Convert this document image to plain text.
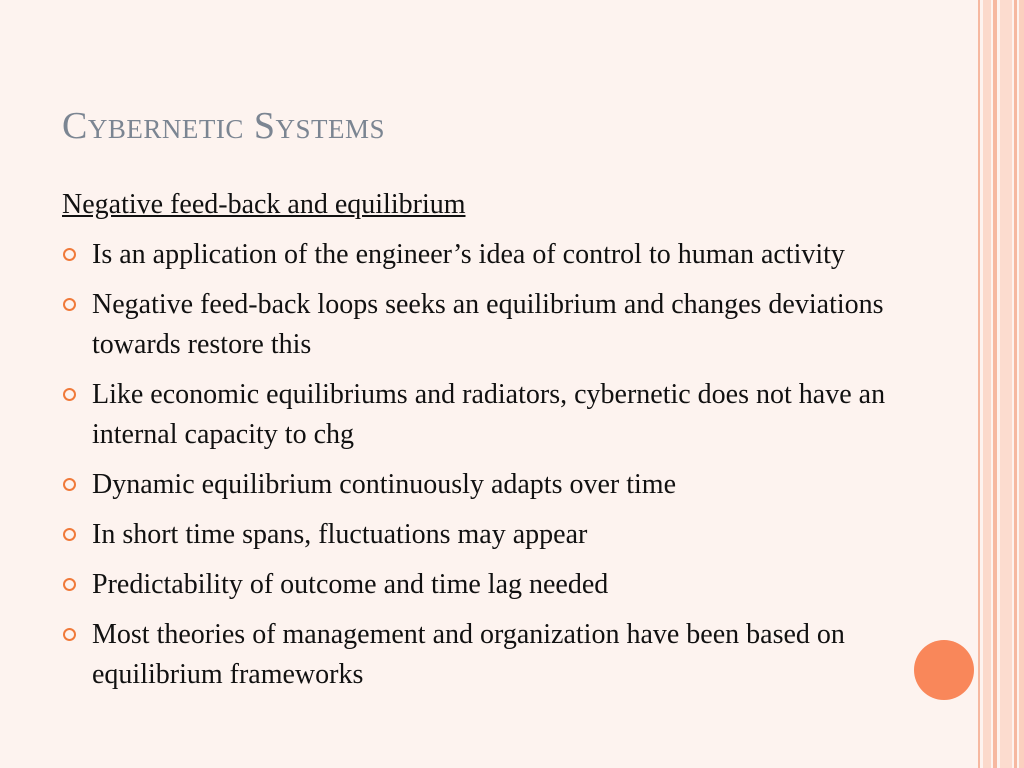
Cybernetic Systems
Negative feed-back and equilibrium
Is an application of the engineer’s idea of control to human activity
Negative feed-back loops seeks an equilibrium and changes deviations towards restore this
Like economic equilibriums and radiators, cybernetic does not have an internal capacity to chg
Dynamic equilibrium continuously adapts over time
In short time spans, fluctuations may appear
Predictability of outcome and time lag needed
Most theories of management and organization have been based on equilibrium frameworks
